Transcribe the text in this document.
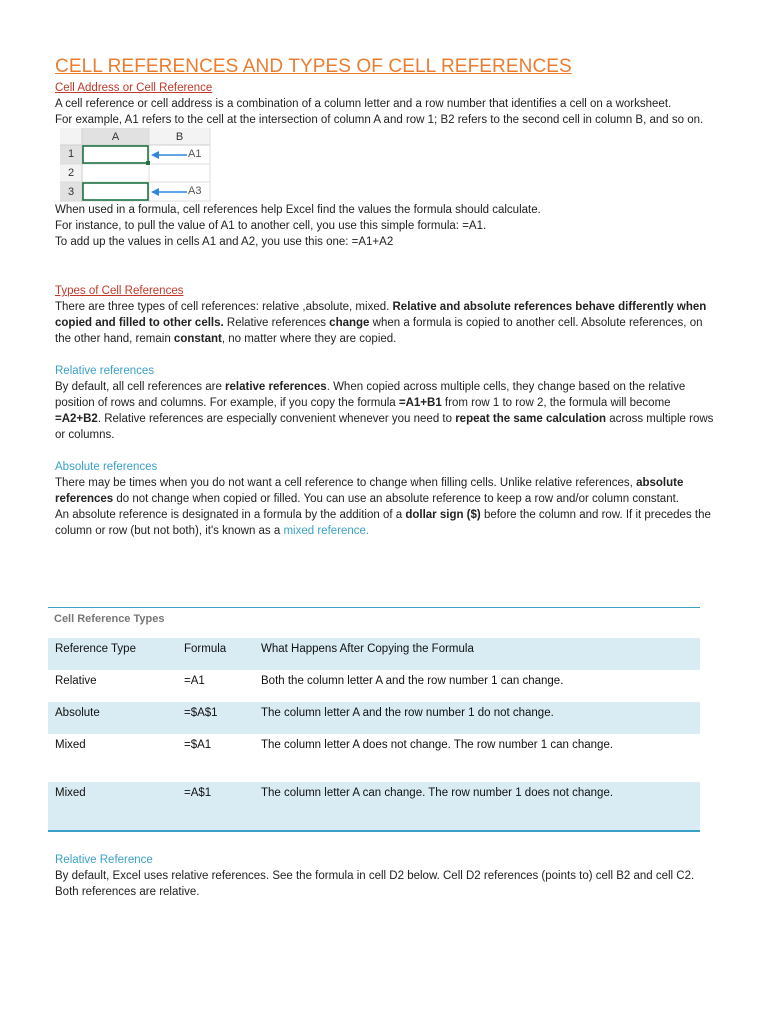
CELL REFERENCES AND TYPES OF CELL REFERENCES
Cell Address or Cell Reference

A cell reference or cell address is a combination of a column letter and a row number that identifies a cell on a worksheet.

For example, A1 refers to the cell at the intersection of column A and row 1; B2 refers to the second cell in column B, and so on.

A	B
1
2
3
A1
A3

When used in a formula, cell references help Excel find the values the formula should calculate.

For instance, to pull the value of A1 to another cell, you use this simple formula: =A1.

To add up the values in cells A1 and A2, you use this one: =A1+A2

Types of Cell References

There are three types of cell references: relative ,absolute, mixed. Relative and absolute references behave differently when copied and filled to other cells. Relative references change when a formula is copied to another cell. Absolute references, on the other hand, remain constant, no matter where they are copied.

Relative references

By default, all cell references are relative references. When copied across multiple cells, they change based on the relative position of rows and columns. For example, if you copy the formula =A1+B1 from row 1 to row 2, the formula will become =A2+B2. Relative references are especially convenient whenever you need to repeat the same calculation across multiple rows or columns.

Absolute references

There may be times when you do not want a cell reference to change when filling cells. Unlike relative references, absolute references do not change when copied or filled. You can use an absolute reference to keep a row and/or column constant.

An absolute reference is designated in a formula by the addition of a dollar sign ($) before the column and row. If it precedes the column or row (but not both), it's known as a mixed reference.

Cell Reference Types
Reference Type	Formula	What Happens After Copying the Formula
Relative	=A1	Both the column letter A and the row number 1 can change.
Absolute	=$A$1	The column letter A and the row number 1 do not change.
Mixed	=$A1	The column letter A does not change. The row number 1 can change.
Mixed	=A$1	The column letter A can change. The row number 1 does not change.
Relative Reference

By default, Excel uses relative references. See the formula in cell D2 below. Cell D2 references (points to) cell B2 and cell C2. Both references are relative.
